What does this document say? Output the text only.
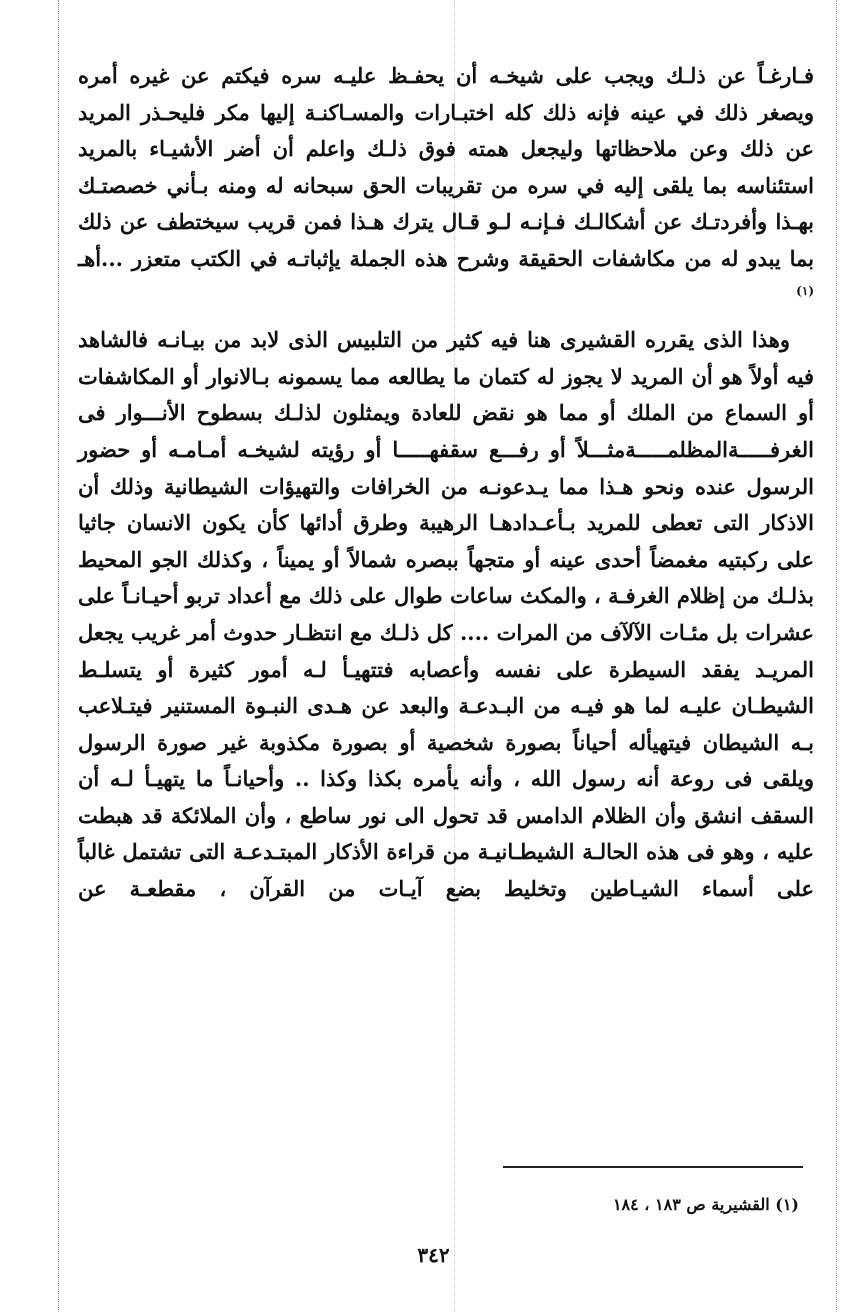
فـارغـاً عن ذلـك ويجب على شيخـه أن يحفـظ عليـه سره فيكتم عن غيره أمره ويصغر ذلك في عينه فإنه ذلك كله اختبـارات والمسـاكنـة إليها مكر فليحـذر المريد عن ذلك وعن ملاحظاتها وليجعل همته فوق ذلـك واعلم أن أضر الأشيـاء بالمريد استئناسه بما يلقى إليه في سره من تقريبات الحق سبحانه له ومنه بـأني خصصتـك بهـذا وأفردتـك عن أشكالـك فـإنـه لـو قـال يترك هـذا فمن قريب سيختطف عن ذلك بما يبدو له من مكاشفات الحقيقة وشرح هذه الجملة يإثباتـه في الكتب متعزر ...أهـ $^{(١)}$

وهذا الذى يقرره القشيرى هنا فيه كثير من التلبيس الذى لابد من بيـانـه فالشاهد فيه أولاً هو أن المريد لا يجوز له كتمان ما يطالعه مما يسمونه بـالانوار أو المكاشفات أو السماع من الملك أو مما هو نقض للعادة ويمثلون لذلـك بسطوح الأنـــوار فى الغرفـــــةالمظلمـــــةمثـــلاً أو رفـــع سقفهـــــا أو رؤيته لشيخـه أمـامـه أو حضور الرسول عنده ونحو هـذا مما يـدعونـه من الخرافات والتهيؤات الشيطانية وذلك أن الاذكار التى تعطى للمريد بـأعـدادهـا الرهيبة وطرق أدائها كأن يكون الانسان جاثيا على ركبتيه مغمضاً أحدى عينه أو متجهاً ببصره شمالاً أو يميناً ، وكذلك الجو المحيط بذلـك من إظلام الغرفـة ، والمكث ساعات طوال على ذلك مع أعداد تربو أحيـانـاً على عشرات بل مئـات الآلآف من المرات .... كل ذلـك مع انتظـار حدوث أمر غريب يجعل المريـد يفقد السيطرة على نفسه وأعصابه فتتهيـأ لـه أمور كثيرة أو يتسلـط الشيطـان عليـه لما هو فيـه من البـدعـة والبعد عن هـدى النبـوة المستنير فيتـلاعب بـه الشيطان فيتهيأله أحياناً بصورة شخصية أو بصورة مكذوبة غير صورة الرسول ويلقى فى روعة أنه رسول الله ، وأنه يأمره بكذا وكذا .. وأحيانـاً ما يتهيـأ لـه أن السقف انشق وأن الظلام الدامس قد تحول الى نور ساطع ، وأن الملائكة قد هبطت عليه ، وهو فى هذه الحالـة الشيطـانيـة من قراءة الأذكار المبتـدعـة التى تشتمل غالباً على أسماء الشيـاطين وتخليط بضع آيـات من القرآن ، مقطعـة عن

(١) القشيرية ص ١٨٣ ، ١٨٤
٣٤٢
